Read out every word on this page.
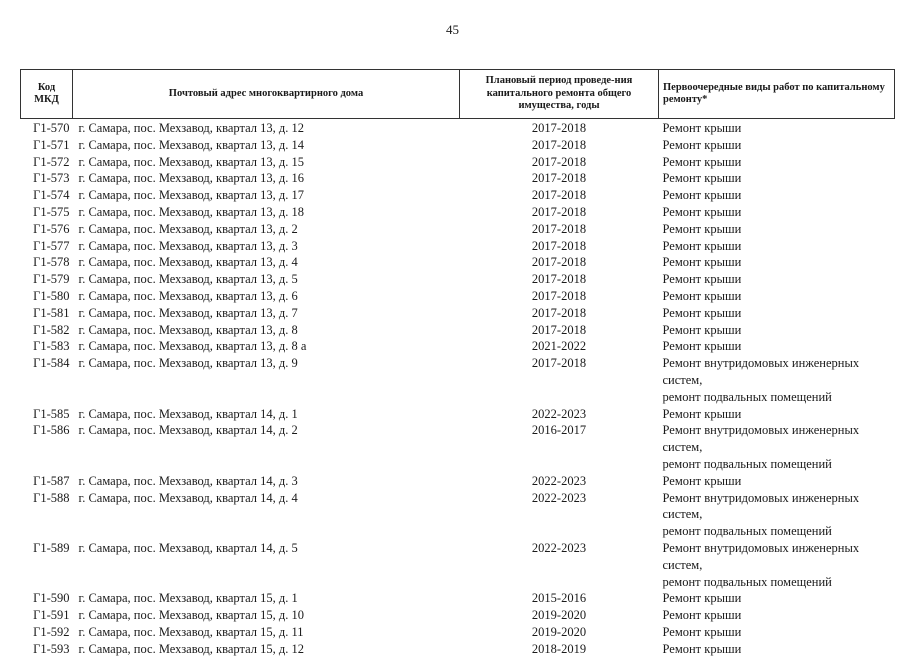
45
Код МКД	Почтовый адрес многоквартирного дома	Плановый период проведе-ния капитального ремонта общего имущества, годы	Первоочередные виды работ по капитальному ремонту*
Г1-570	г. Самара, пос. Мехзавод, квартал 13, д. 12	2017-2018	Ремонт крыши

Г1-571	г. Самара, пос. Мехзавод, квартал 13, д. 14	2017-2018	Ремонт крыши

Г1-572	г. Самара, пос. Мехзавод, квартал 13, д. 15	2017-2018	Ремонт крыши

Г1-573	г. Самара, пос. Мехзавод, квартал 13, д. 16	2017-2018	Ремонт крыши

Г1-574	г. Самара, пос. Мехзавод, квартал 13, д. 17	2017-2018	Ремонт крыши

Г1-575	г. Самара, пос. Мехзавод, квартал 13, д. 18	2017-2018	Ремонт крыши

Г1-576	г. Самара, пос. Мехзавод, квартал 13, д. 2	2017-2018	Ремонт крыши

Г1-577	г. Самара, пос. Мехзавод, квартал 13, д. 3	2017-2018	Ремонт крыши

Г1-578	г. Самара, пос. Мехзавод, квартал 13, д. 4	2017-2018	Ремонт крыши

Г1-579	г. Самара, пос. Мехзавод, квартал 13, д. 5	2017-2018	Ремонт крыши

Г1-580	г. Самара, пос. Мехзавод, квартал 13, д. 6	2017-2018	Ремонт крыши

Г1-581	г. Самара, пос. Мехзавод, квартал 13, д. 7	2017-2018	Ремонт крыши

Г1-582	г. Самара, пос. Мехзавод, квартал 13, д. 8	2017-2018	Ремонт крыши

Г1-583	г. Самара, пос. Мехзавод, квартал 13, д. 8 а	2021-2022	Ремонт крыши

Г1-584	г. Самара, пос. Мехзавод, квартал 13, д. 9	2017-2018	Ремонт внутридомовых инженерных систем,
ремонт подвальных помещений

Г1-585	г. Самара, пос. Мехзавод, квартал 14, д. 1	2022-2023	Ремонт крыши

Г1-586	г. Самара, пос. Мехзавод, квартал 14, д. 2	2016-2017	Ремонт внутридомовых инженерных систем,
ремонт подвальных помещений

Г1-587	г. Самара, пос. Мехзавод, квартал 14, д. 3	2022-2023	Ремонт крыши

Г1-588	г. Самара, пос. Мехзавод, квартал 14, д. 4	2022-2023	Ремонт внутридомовых инженерных систем,
ремонт подвальных помещений

Г1-589	г. Самара, пос. Мехзавод, квартал 14, д. 5	2022-2023	Ремонт внутридомовых инженерных систем,
ремонт подвальных помещений

Г1-590	г. Самара, пос. Мехзавод, квартал 15, д. 1	2015-2016	Ремонт крыши

Г1-591	г. Самара, пос. Мехзавод, квартал 15, д. 10	2019-2020	Ремонт крыши

Г1-592	г. Самара, пос. Мехзавод, квартал 15, д. 11	2019-2020	Ремонт крыши

Г1-593	г. Самара, пос. Мехзавод, квартал 15, д. 12	2018-2019	Ремонт крыши
